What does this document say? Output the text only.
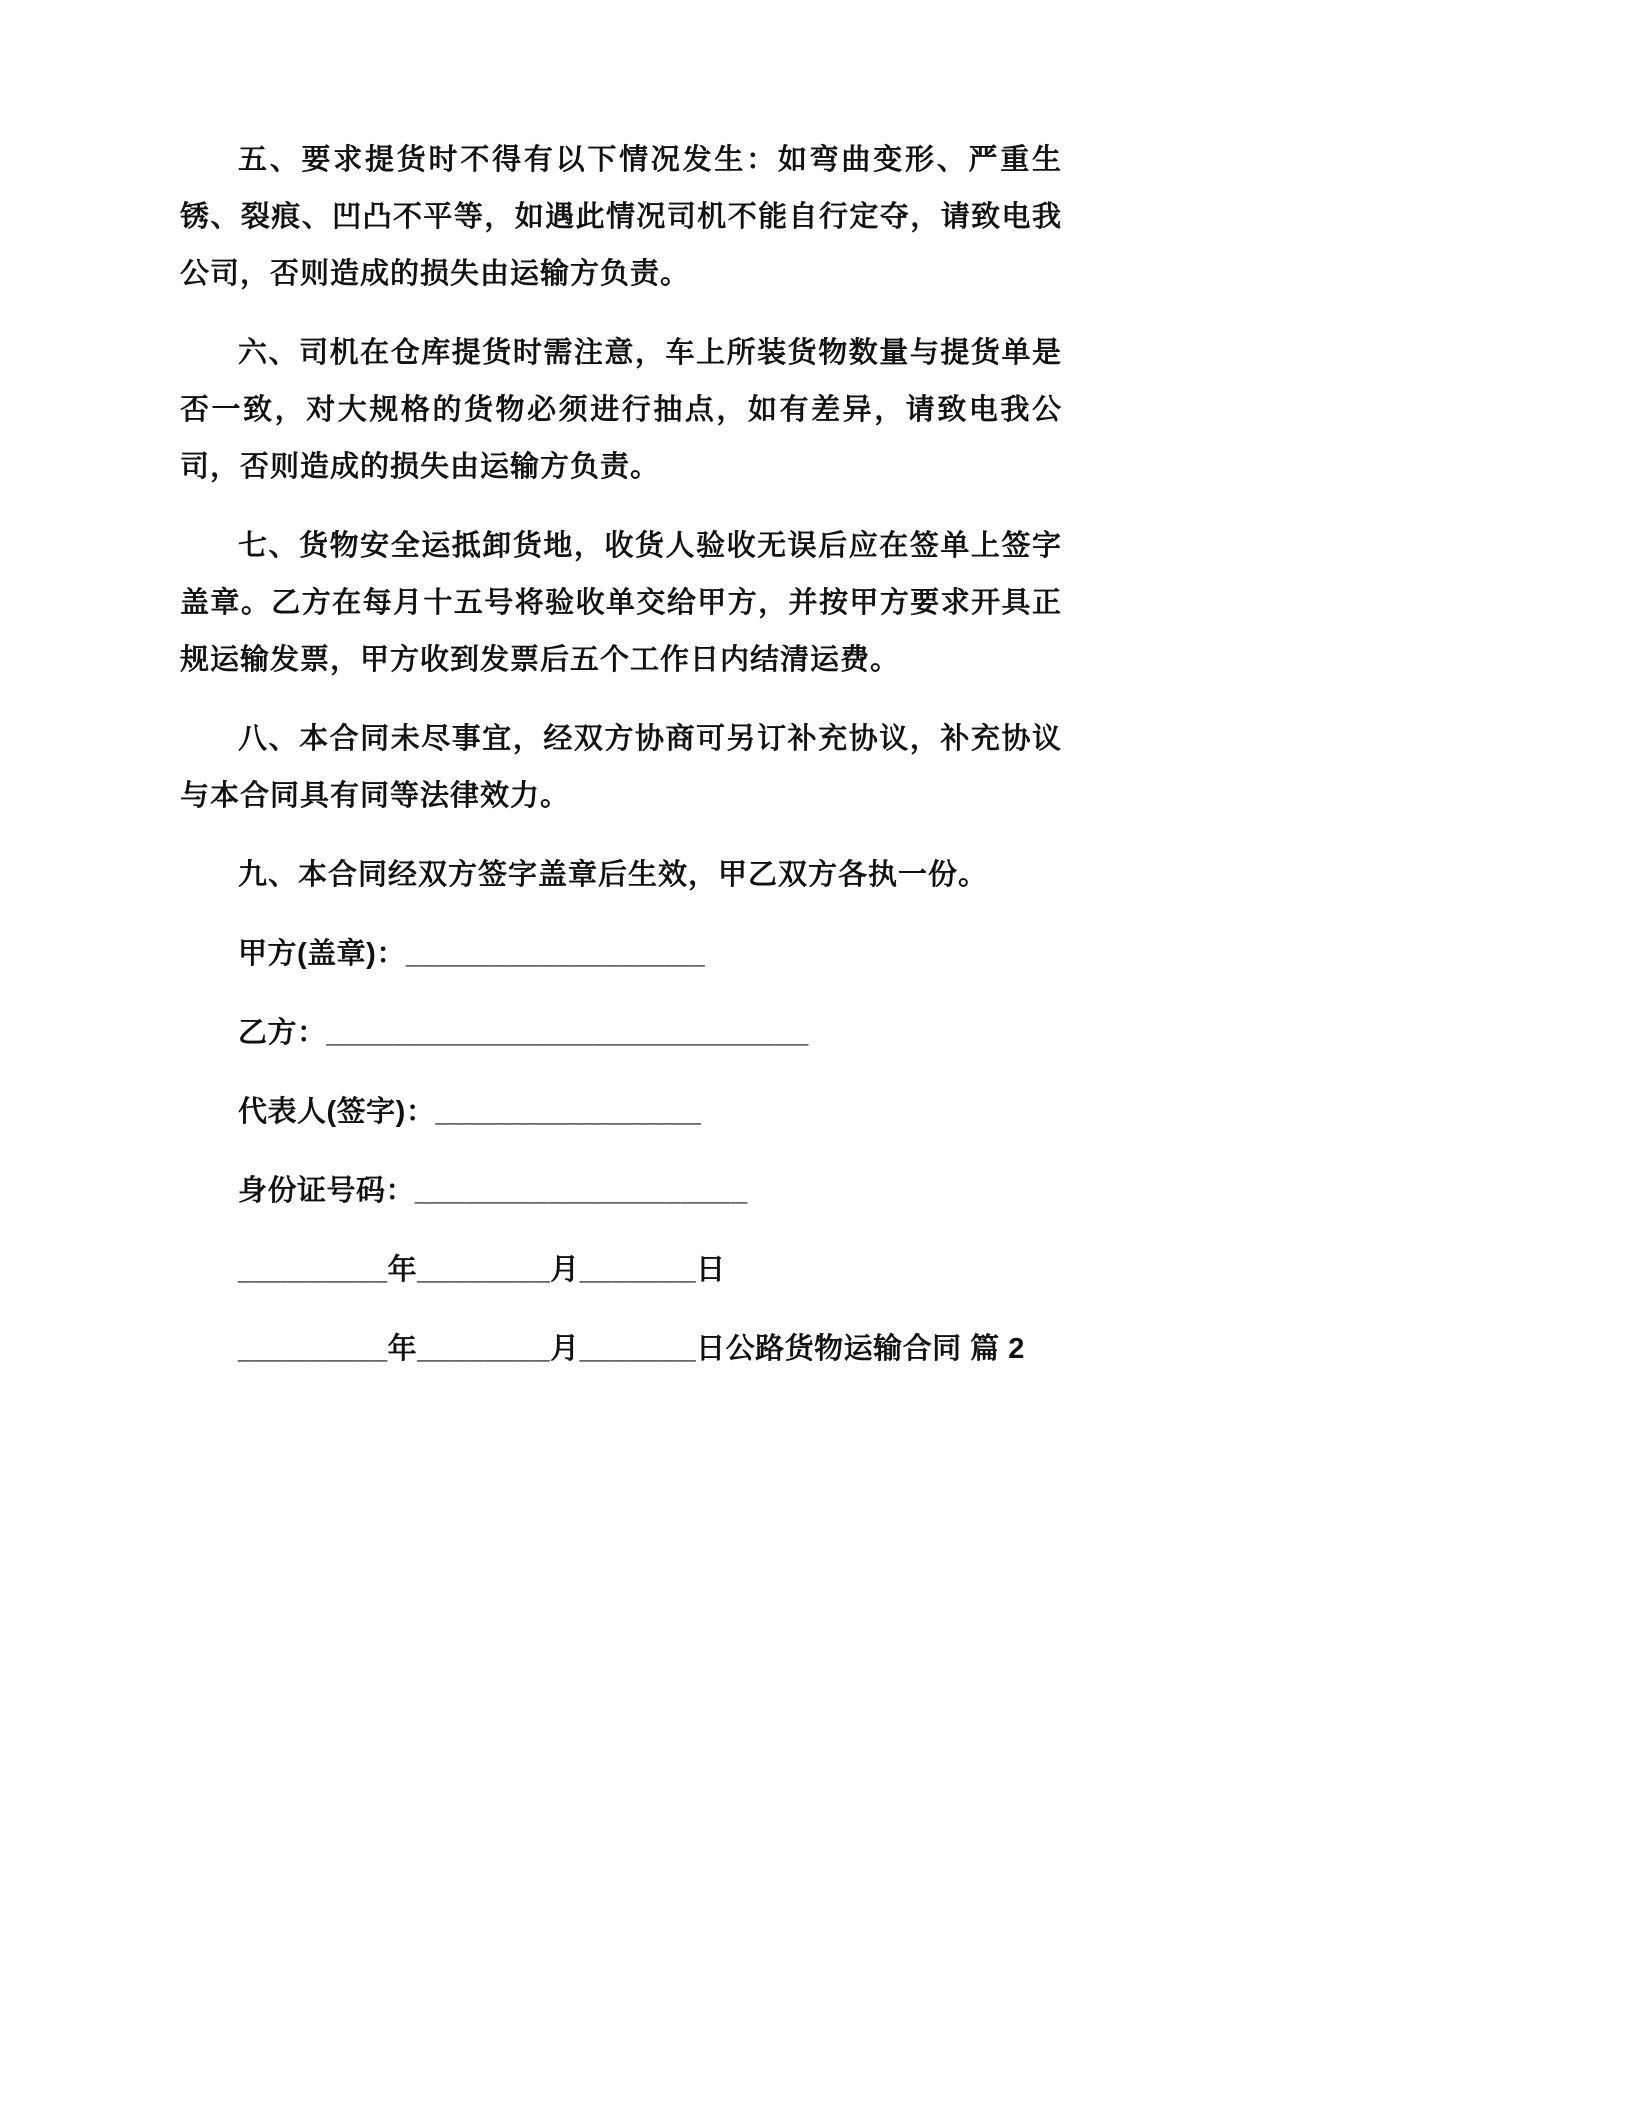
五、要求提货时不得有以下情况发生：如弯曲变形、严重生锈、裂痕、凹凸不平等，如遇此情况司机不能自行定夺，请致电我公司，否则造成的损失由运输方负责。

六、司机在仓库提货时需注意，车上所装货物数量与提货单是否一致，对大规格的货物必须进行抽点，如有差异，请致电我公司，否则造成的损失由运输方负责。

七、货物安全运抵卸货地，收货人验收无误后应在签单上签字盖章。乙方在每月十五号将验收单交给甲方，并按甲方要求开具正规运输发票，甲方收到发票后五个工作日内结清运费。

八、本合同未尽事宜，经双方协商可另订补充协议，补充协议与本合同具有同等法律效力。

九、本合同经双方签字盖章后生效，甲乙双方各执一份。

甲方(盖章)：__________________

乙方：_____________________________

代表人(签字)：________________

身份证号码：____________________

_________年________月_______日

_________年________月_______日公路货物运输合同 篇 2
